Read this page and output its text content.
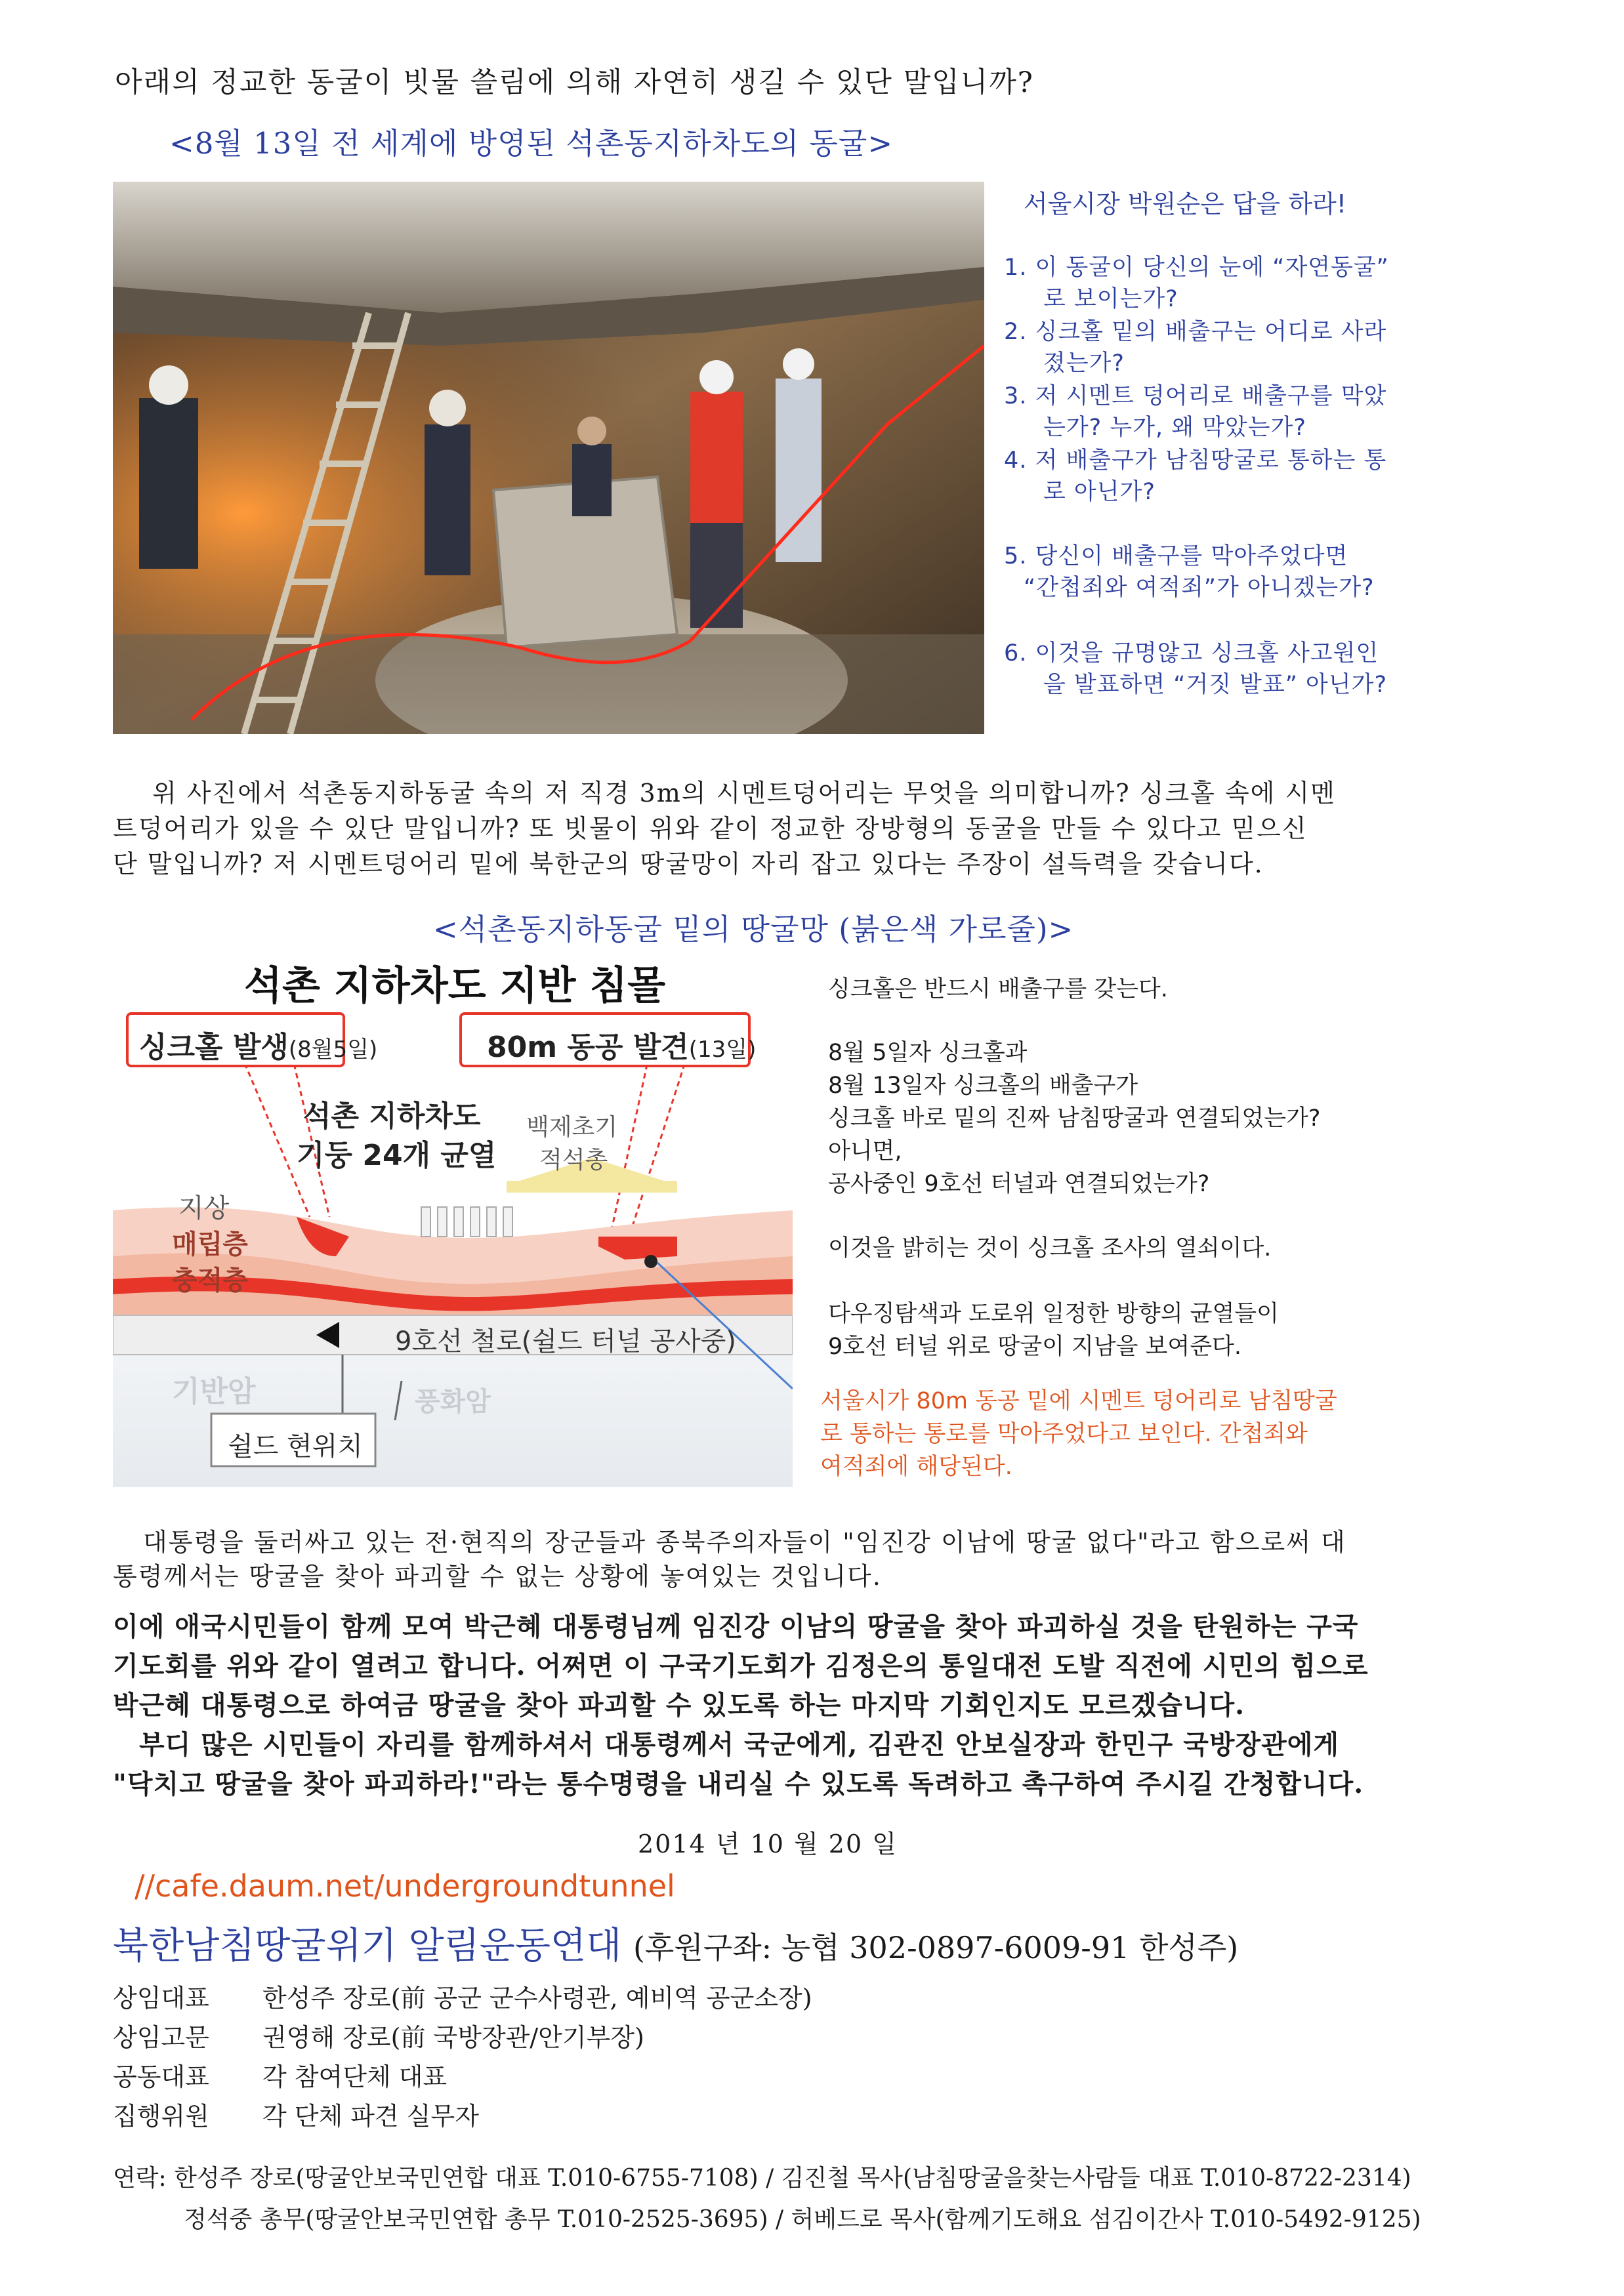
아래의 정교한 동굴이 빗물 쓸림에 의해 자연히 생길 수 있단 말입니까?
<8월 13일 전 세계에 방영된 석촌동지하차도의 동굴>
서울시장 박원순은 답을 하라!
1. 이 동굴이 당신의 눈에 “자연동굴”
로 보이는가?
2. 싱크홀 밑의 배출구는 어디로 사라
졌는가?
3. 저 시멘트 덩어리로 배출구를 막았
는가? 누가, 왜 막았는가?
4. 저 배출구가 남침땅굴로 통하는 통
로 아닌가?
5. 당신이 배출구를 막아주었다면
“간첩죄와 여적죄”가 아니겠는가?
6. 이것을 규명않고 싱크홀 사고원인
을 발표하면 “거짓 발표” 아닌가?
위 사진에서 석촌동지하동굴 속의 저 직경 3m의 시멘트덩어리는 무엇을 의미합니까? 싱크홀 속에 시멘
트덩어리가 있을 수 있단 말입니까? 또 빗물이 위와 같이 정교한 장방형의 동굴을 만들 수 있다고 믿으신
단 말입니까? 저 시멘트덩어리 밑에 북한군의 땅굴망이 자리 잡고 있다는 주장이 설득력을 갖습니다.
<석촌동지하동굴 밑의 땅굴망 (붉은색 가로줄)>
석촌 지하차도 지반 침몰
싱크홀 발생(8월5일)	80m 동공 발견(13일)
석촌 지하차도
기둥 24개 균열
백제초기
적석총
지상
매립층
충적층
9호선 철로(쉴드 터널 공사중)
기반암	풍화암
쉴드 현위치
싱크홀은 반드시 배출구를 갖는다.
8월 5일자 싱크홀과
8월 13일자 싱크홀의 배출구가
싱크홀 바로 밑의 진짜 남침땅굴과 연결되었는가?
아니면,
공사중인 9호선 터널과 연결되었는가?
이것을 밝히는 것이 싱크홀 조사의 열쇠이다.
다우징탐색과 도로위 일정한 방향의 균열들이
9호선 터널 위로 땅굴이 지남을 보여준다.
서울시가 80m 동공 밑에 시멘트 덩어리로 남침땅굴
로 통하는 통로를 막아주었다고 보인다. 간첩죄와
여적죄에 해당된다.
대통령을 둘러싸고 있는 전·현직의 장군들과 종북주의자들이 "임진강 이남에 땅굴 없다"라고 함으로써 대
통령께서는 땅굴을 찾아 파괴할 수 없는 상황에 놓여있는 것입니다.
이에 애국시민들이 함께 모여 박근혜 대통령님께 임진강 이남의 땅굴을 찾아 파괴하실 것을 탄원하는 구국
기도회를 위와 같이 열려고 합니다. 어쩌면 이 구국기도회가 김정은의 통일대전 도발 직전에 시민의 힘으로
박근혜 대통령으로 하여금 땅굴을 찾아 파괴할 수 있도록 하는 마지막 기회인지도 모르겠습니다.
부디 많은 시민들이 자리를 함께하셔서 대통령께서 국군에게, 김관진 안보실장과 한민구 국방장관에게
"닥치고 땅굴을 찾아 파괴하라!"라는 통수명령을 내리실 수 있도록 독려하고 촉구하여 주시길 간청합니다.
2014 년 10 월 20 일
//cafe.daum.net/undergroundtunnel
북한남침땅굴위기 알림운동연대 (후원구좌: 농협 302-0897-6009-91 한성주)
상임대표 한성주 장로(前 공군 군수사령관, 예비역 공군소장)
상임고문 권영해 장로(前 국방장관/안기부장)
공동대표 각 참여단체 대표
집행위원 각 단체 파견 실무자
연락: 한성주 장로(땅굴안보국민연합 대표 T.010-6755-7108) / 김진철 목사(남침땅굴을찾는사람들 대표 T.010-8722-2314)
정석중 총무(땅굴안보국민연합 총무 T.010-2525-3695) / 허베드로 목사(함께기도해요 섬김이간사 T.010-5492-9125)
